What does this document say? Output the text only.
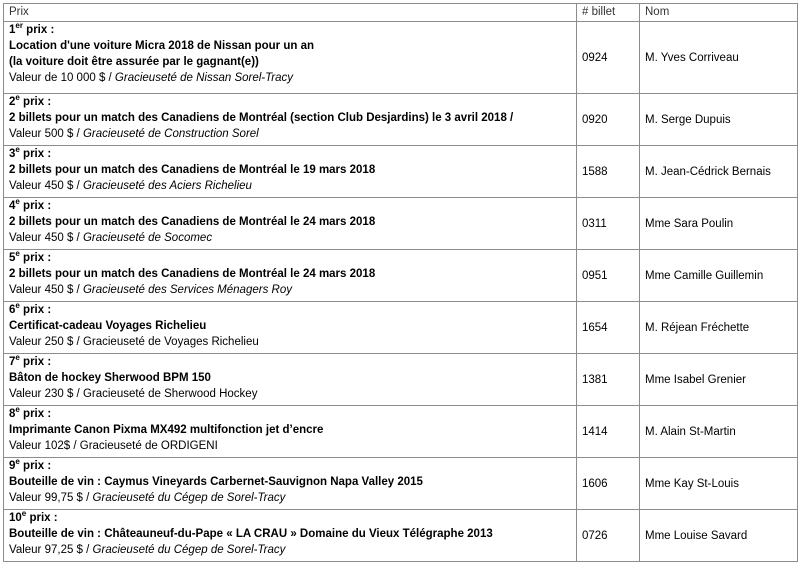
Prix	# billet	Nom

1er prix :
Location d'une voiture Micra 2018 de Nissan pour un an
(la voiture doit être assurée par le gagnant(e))
Valeur de 10 000 $ / Gracieuseté de Nissan Sorel-Tracy	0924	M. Yves Corriveau

2e prix :
2 billets pour un match des Canadiens de Montréal (section Club Desjardins) le 3 avril 2018 /
Valeur 500 $ / Gracieuseté de Construction Sorel	0920	M. Serge Dupuis

3e prix :
2 billets pour un match des Canadiens de Montréal le 19 mars 2018
Valeur 450 $ / Gracieuseté des Aciers Richelieu	1588	M. Jean-Cédrick Bernais

4e prix :
2 billets pour un match des Canadiens de Montréal le 24 mars 2018
Valeur 450 $ / Gracieuseté de Socomec	0311	Mme Sara Poulin

5e prix :
2 billets pour un match des Canadiens de Montréal le 24 mars 2018
Valeur 450 $ / Gracieuseté des Services Ménagers Roy	0951	Mme Camille Guillemin

6e prix :
Certificat-cadeau Voyages Richelieu
Valeur 250 $ / Gracieuseté de Voyages Richelieu	1654	M. Réjean Fréchette

7e prix :
Bâton de hockey Sherwood BPM 150
Valeur 230 $ / Gracieuseté de Sherwood Hockey	1381	Mme Isabel Grenier

8e prix :
Imprimante Canon Pixma MX492 multifonction jet d’encre
Valeur 102$ / Gracieuseté de ORDIGENI	1414	M. Alain St-Martin

9e prix :
Bouteille de vin : Caymus Vineyards Carbernet-Sauvignon Napa Valley 2015
Valeur 99,75 $ / Gracieuseté du Cégep de Sorel-Tracy	1606	Mme Kay St-Louis

10e prix :
Bouteille de vin : Châteauneuf-du-Pape « LA CRAU » Domaine du Vieux Télégraphe 2013
Valeur 97,25 $ / Gracieuseté du Cégep de Sorel-Tracy	0726	Mme Louise Savard
